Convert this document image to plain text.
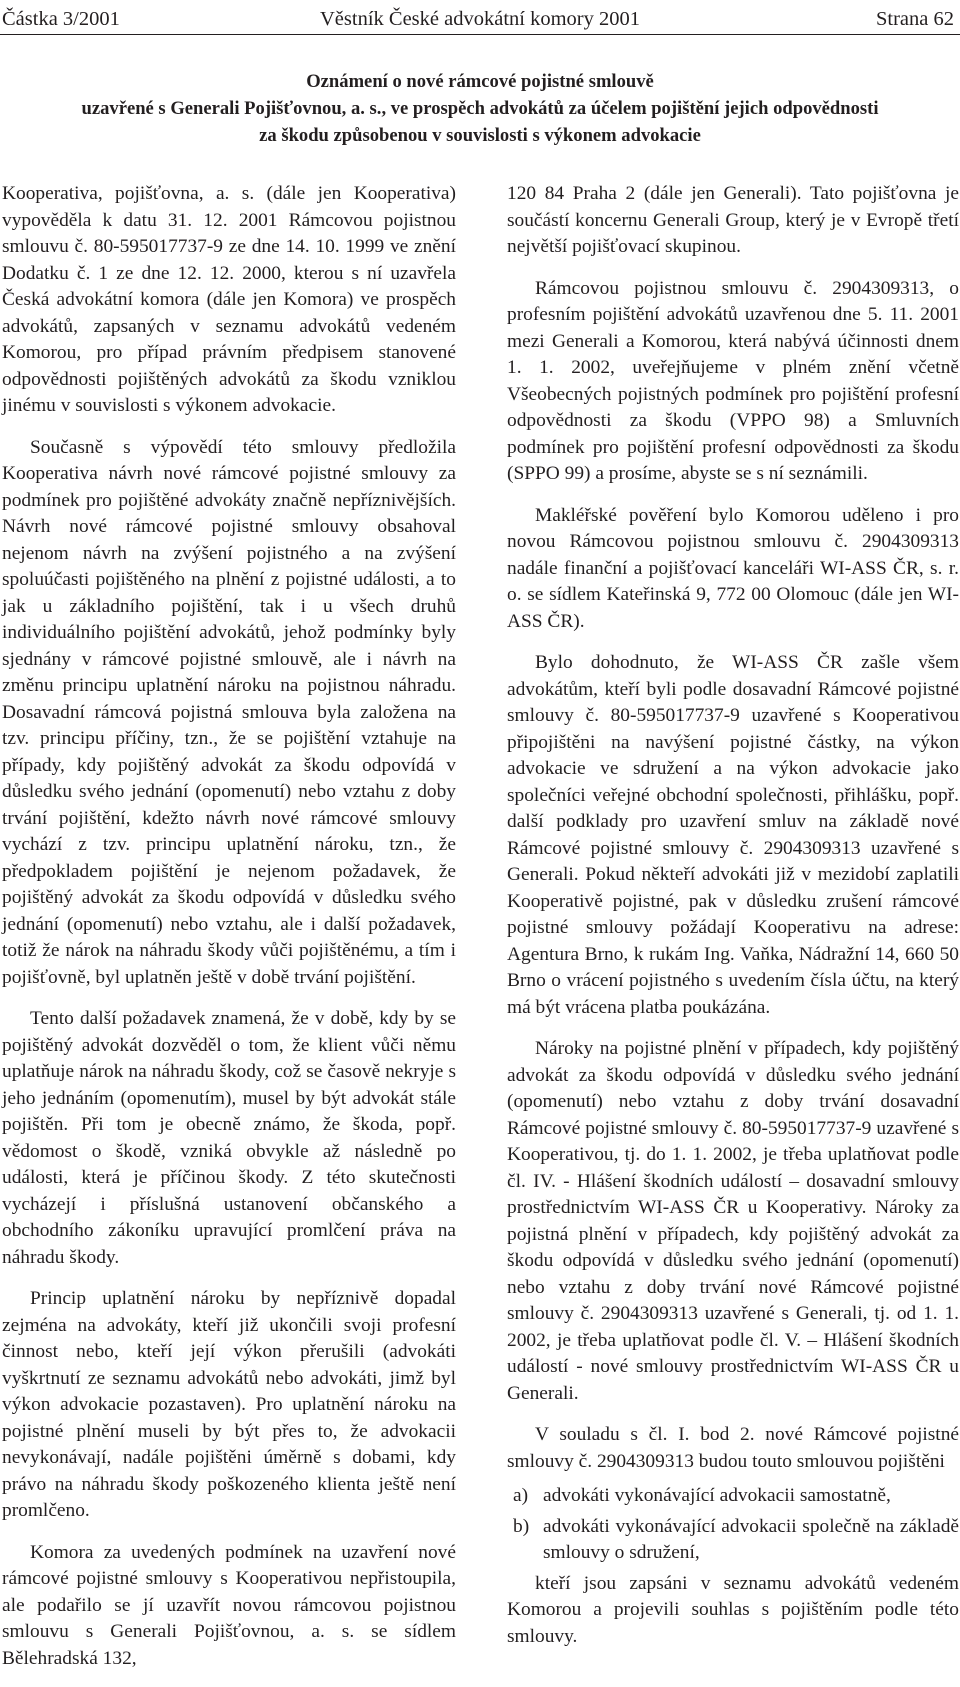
Částka 3/2001	Věstník České advokátní komory 2001	Strana 62
Oznámení o nové rámcové pojistné smlouvě
uzavřené s Generali Pojišťovnou, a. s., ve prospěch advokátů za účelem pojištění jejich odpovědnosti
za škodu způsobenou v souvislosti s výkonem advokacie

Kooperativa, pojišťovna, a. s. (dále jen Kooperativa) vypověděla k datu 31. 12. 2001 Rámcovou pojistnou smlouvu č. 80-595017737-9 ze dne 14. 10. 1999 ve znění Dodatku č. 1 ze dne 12. 12. 2000, kterou s ní uzavřela Česká advokátní komora (dále jen Komora) ve prospěch advokátů, zapsaných v seznamu advokátů vedeném Komorou, pro případ právním předpisem stanovené odpovědnosti pojištěných advokátů za škodu vzniklou jinému v souvislosti s výkonem advokacie.

Současně s výpovědí této smlouvy předložila Kooperativa návrh nové rámcové pojistné smlouvy za podmínek pro pojištěné advokáty značně nepříznivějších. Návrh nové rámcové pojistné smlouvy obsahoval nejenom návrh na zvýšení pojistného a na zvýšení spoluúčasti pojištěného na plnění z pojistné události, a to jak u základního pojištění, tak i u všech druhů individuálního pojištění advokátů, jehož podmínky byly sjednány v rámcové pojistné smlouvě, ale i návrh na změnu principu uplatnění nároku na pojistnou náhradu. Dosavadní rámcová pojistná smlouva byla založena na tzv. principu příčiny, tzn., že se pojištění vztahuje na případy, kdy pojištěný advokát za škodu odpovídá v důsledku svého jednání (opomenutí) nebo vztahu z doby trvání pojištění, kdežto návrh nové rámcové smlouvy vychází z tzv. principu uplatnění nároku, tzn., že předpokladem pojištění je nejenom požadavek, že pojištěný advokát za škodu odpovídá v důsledku svého jednání (opomenutí) nebo vztahu, ale i další požadavek, totiž že nárok na náhradu škody vůči pojištěnému, a tím i pojišťovně, byl uplatněn ještě v době trvání pojištění.

Tento další požadavek znamená, že v době, kdy by se pojištěný advokát dozvěděl o tom, že klient vůči němu uplatňuje nárok na náhradu škody, což se časově nekryje s jeho jednáním (opomenutím), musel by být advokát stále pojištěn. Při tom je obecně známo, že škoda, popř. vědomost o škodě, vzniká obvykle až následně po události, která je příčinou škody. Z této skutečnosti vycházejí i příslušná ustanovení občanského a obchodního zákoníku upravující promlčení práva na náhradu škody.

Princip uplatnění nároku by nepříznivě dopadal zejména na advokáty, kteří již ukončili svoji profesní činnost nebo, kteří její výkon přerušili (advokáti vyškrtnutí ze seznamu advokátů nebo advokáti, jimž byl výkon advokacie pozastaven). Pro uplatnění nároku na pojistné plnění museli by být přes to, že advokacii nevykonávají, nadále pojištěni úměrně s dobami, kdy právo na náhradu škody poškozeného klienta ještě není promlčeno.

Komora za uvedených podmínek na uzavření nové rámcové pojistné smlouvy s Kooperativou nepřistoupila, ale podařilo se jí uzavřít novou rámcovou pojistnou smlouvu s Generali Pojišťovnou, a. s. se sídlem Bělehradská 132,

120 84 Praha 2 (dále jen Generali). Tato pojišťovna je součástí koncernu Generali Group, který je v Evropě třetí největší pojišťovací skupinou.

Rámcovou pojistnou smlouvu č. 2904309313, o profesním pojištění advokátů uzavřenou dne 5. 11. 2001 mezi Generali a Komorou, která nabývá účinnosti dnem 1. 1. 2002, uveřejňujeme v plném znění včetně Všeobecných pojistných podmínek pro pojištění profesní odpovědnosti za škodu (VPPO 98) a Smluvních podmínek pro pojištění profesní odpovědnosti za škodu (SPPO 99) a prosíme, abyste se s ní seznámili.

Makléřské pověření bylo Komorou uděleno i pro novou Rámcovou pojistnou smlouvu č. 2904309313 nadále finanční a pojišťovací kanceláři WI-ASS ČR, s. r. o. se sídlem Kateřinská 9, 772 00 Olomouc (dále jen WI-ASS ČR).

Bylo dohodnuto, že WI-ASS ČR zašle všem advokátům, kteří byli podle dosavadní Rámcové pojistné smlouvy č. 80-595017737-9 uzavřené s Kooperativou připojištěni na navýšení pojistné částky, na výkon advokacie ve sdružení a na výkon advokacie jako společníci veřejné obchodní společnosti, přihlášku, popř. další podklady pro uzavření smluv na základě nové Rámcové pojistné smlouvy č. 2904309313 uzavřené s Generali. Pokud někteří advokáti již v mezidobí zaplatili Kooperativě pojistné, pak v důsledku zrušení rámcové pojistné smlouvy požádají Kooperativu na adrese: Agentura Brno, k rukám Ing. Vaňka, Nádražní 14, 660 50 Brno o vrácení pojistného s uvedením čísla účtu, na který má být vrácena platba poukázána.

Nároky na pojistné plnění v případech, kdy pojištěný advokát za škodu odpovídá v důsledku svého jednání (opomenutí) nebo vztahu z doby trvání dosavadní Rámcové pojistné smlouvy č. 80-595017737-9 uzavřené s Kooperativou, tj. do 1. 1. 2002, je třeba uplatňovat podle čl. IV. - Hlášení škodních událostí – dosavadní smlouvy prostřednictvím WI-ASS ČR u Kooperativy. Nároky za pojistná plnění v případech, kdy pojištěný advokát za škodu odpovídá v důsledku svého jednání (opomenutí) nebo vztahu z doby trvání nové Rámcové pojistné smlouvy č. 2904309313 uzavřené s Generali, tj. od 1. 1. 2002, je třeba uplatňovat podle čl. V. – Hlášení škodních událostí - nové smlouvy prostřednictvím WI-ASS ČR u Generali.

V souladu s čl. I. bod 2. nové Rámcové pojistné smlouvy č. 2904309313 budou touto smlouvou pojištěni

a) advokáti vykonávající advokacii samostatně,
b) advokáti vykonávající advokacii společně na základě smlouvy o sdružení,

kteří jsou zapsáni v seznamu advokátů vedeném Komorou a projevili souhlas s pojištěním podle této smlouvy.
